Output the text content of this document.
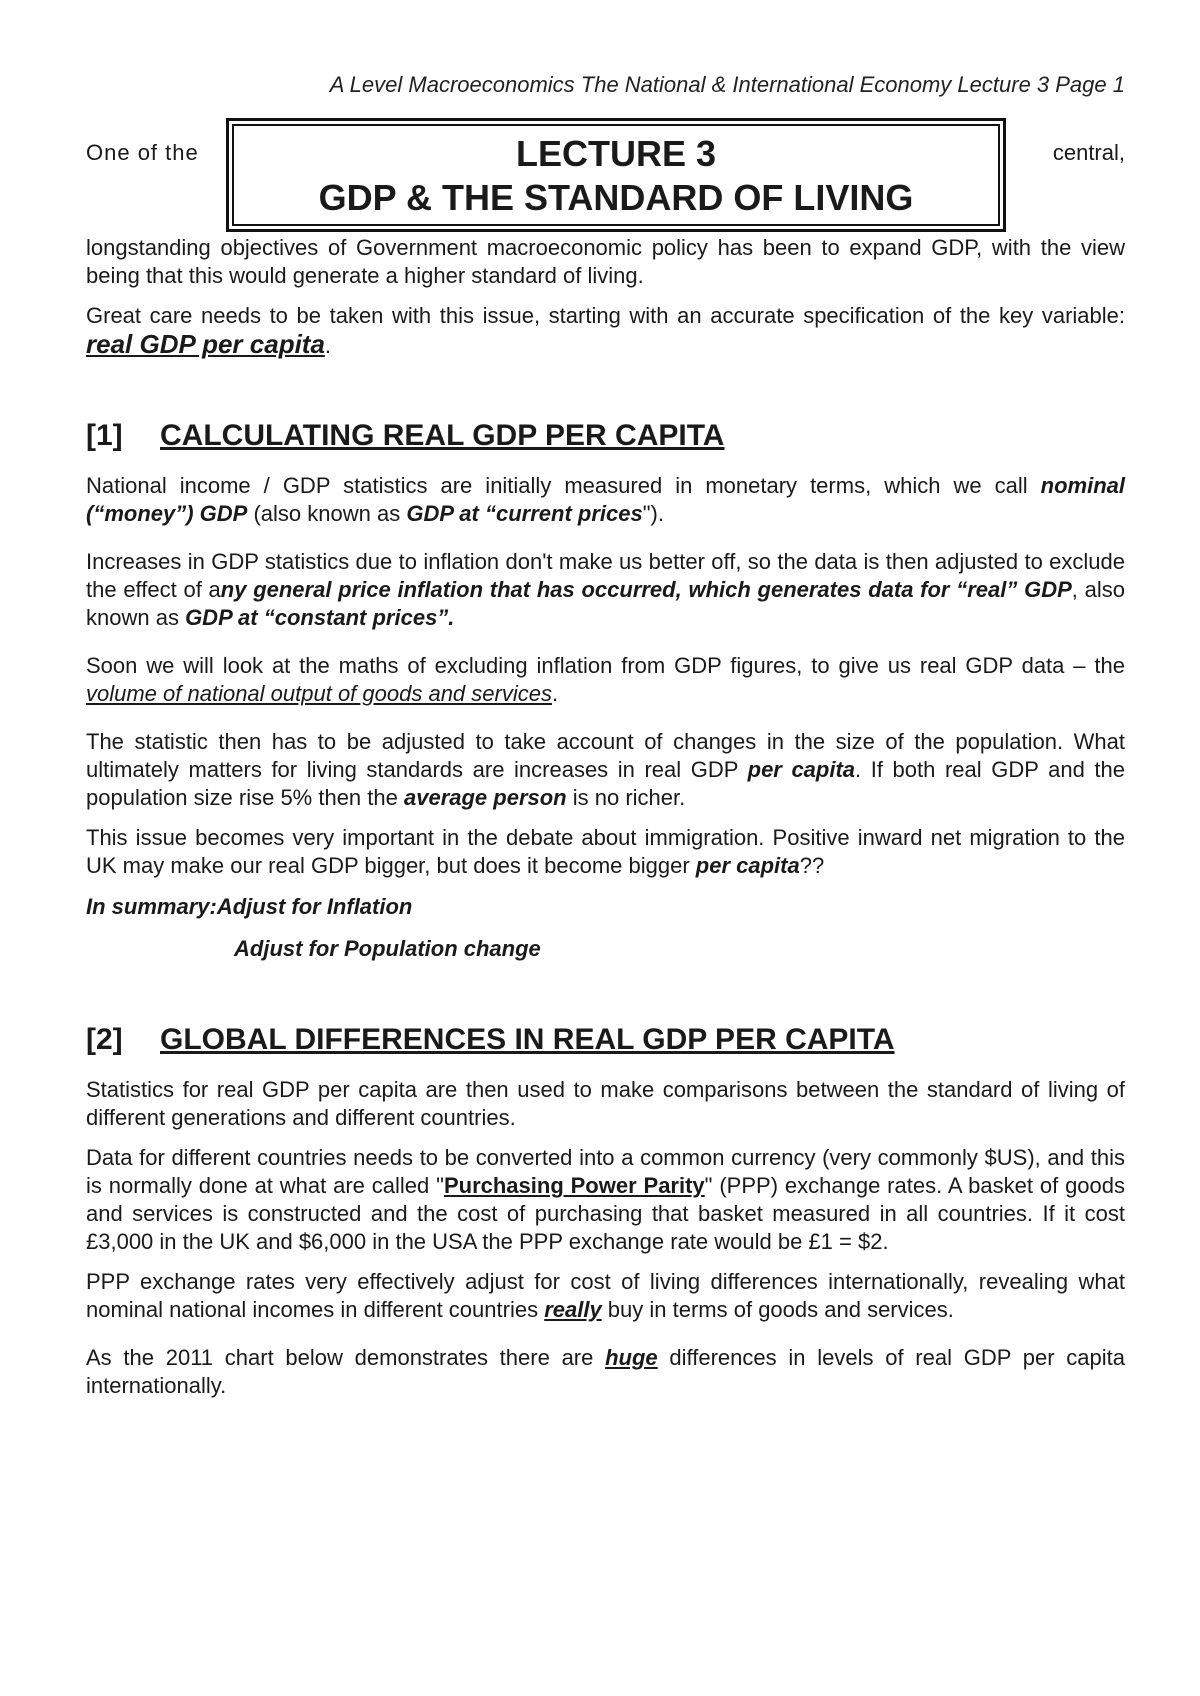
A Level Macroeconomics The National & International Economy Lecture 3 Page 1
One of the	LECTURE 3
GDP & THE STANDARD OF LIVING
central,

longstanding objectives of Government macroeconomic policy has been to expand GDP, with the view being that this would generate a higher standard of living.

Great care needs to be taken with this issue, starting with an accurate specification of the key variable: real GDP per capita.

[1] CALCULATING REAL GDP PER CAPITA

National income / GDP statistics are initially measured in monetary terms, which we call nominal (“money”) GDP (also known as GDP at “current prices").

Increases in GDP statistics due to inflation don't make us better off, so the data is then adjusted to exclude the effect of any general price inflation that has occurred, which generates data for “real” GDP, also known as GDP at “constant prices”.

Soon we will look at the maths of excluding inflation from GDP figures, to give us real GDP data – the volume of national output of goods and services.

The statistic then has to be adjusted to take account of changes in the size of the population. What ultimately matters for living standards are increases in real GDP per capita. If both real GDP and the population size rise 5% then the average person is no richer.

This issue becomes very important in the debate about immigration. Positive inward net migration to the UK may make our real GDP bigger, but does it become bigger per capita??

In summary:Adjust for Inflation
Adjust for Population change
[2] GLOBAL DIFFERENCES IN REAL GDP PER CAPITA

Statistics for real GDP per capita are then used to make comparisons between the standard of living of different generations and different countries.

Data for different countries needs to be converted into a common currency (very commonly $US), and this is normally done at what are called "Purchasing Power Parity" (PPP) exchange rates. A basket of goods and services is constructed and the cost of purchasing that basket measured in all countries. If it cost £3,000 in the UK and $6,000 in the USA the PPP exchange rate would be £1 = $2.

PPP exchange rates very effectively adjust for cost of living differences internationally, revealing what nominal national incomes in different countries really buy in terms of goods and services.

As the 2011 chart below demonstrates there are huge differences in levels of real GDP per capita internationally.
